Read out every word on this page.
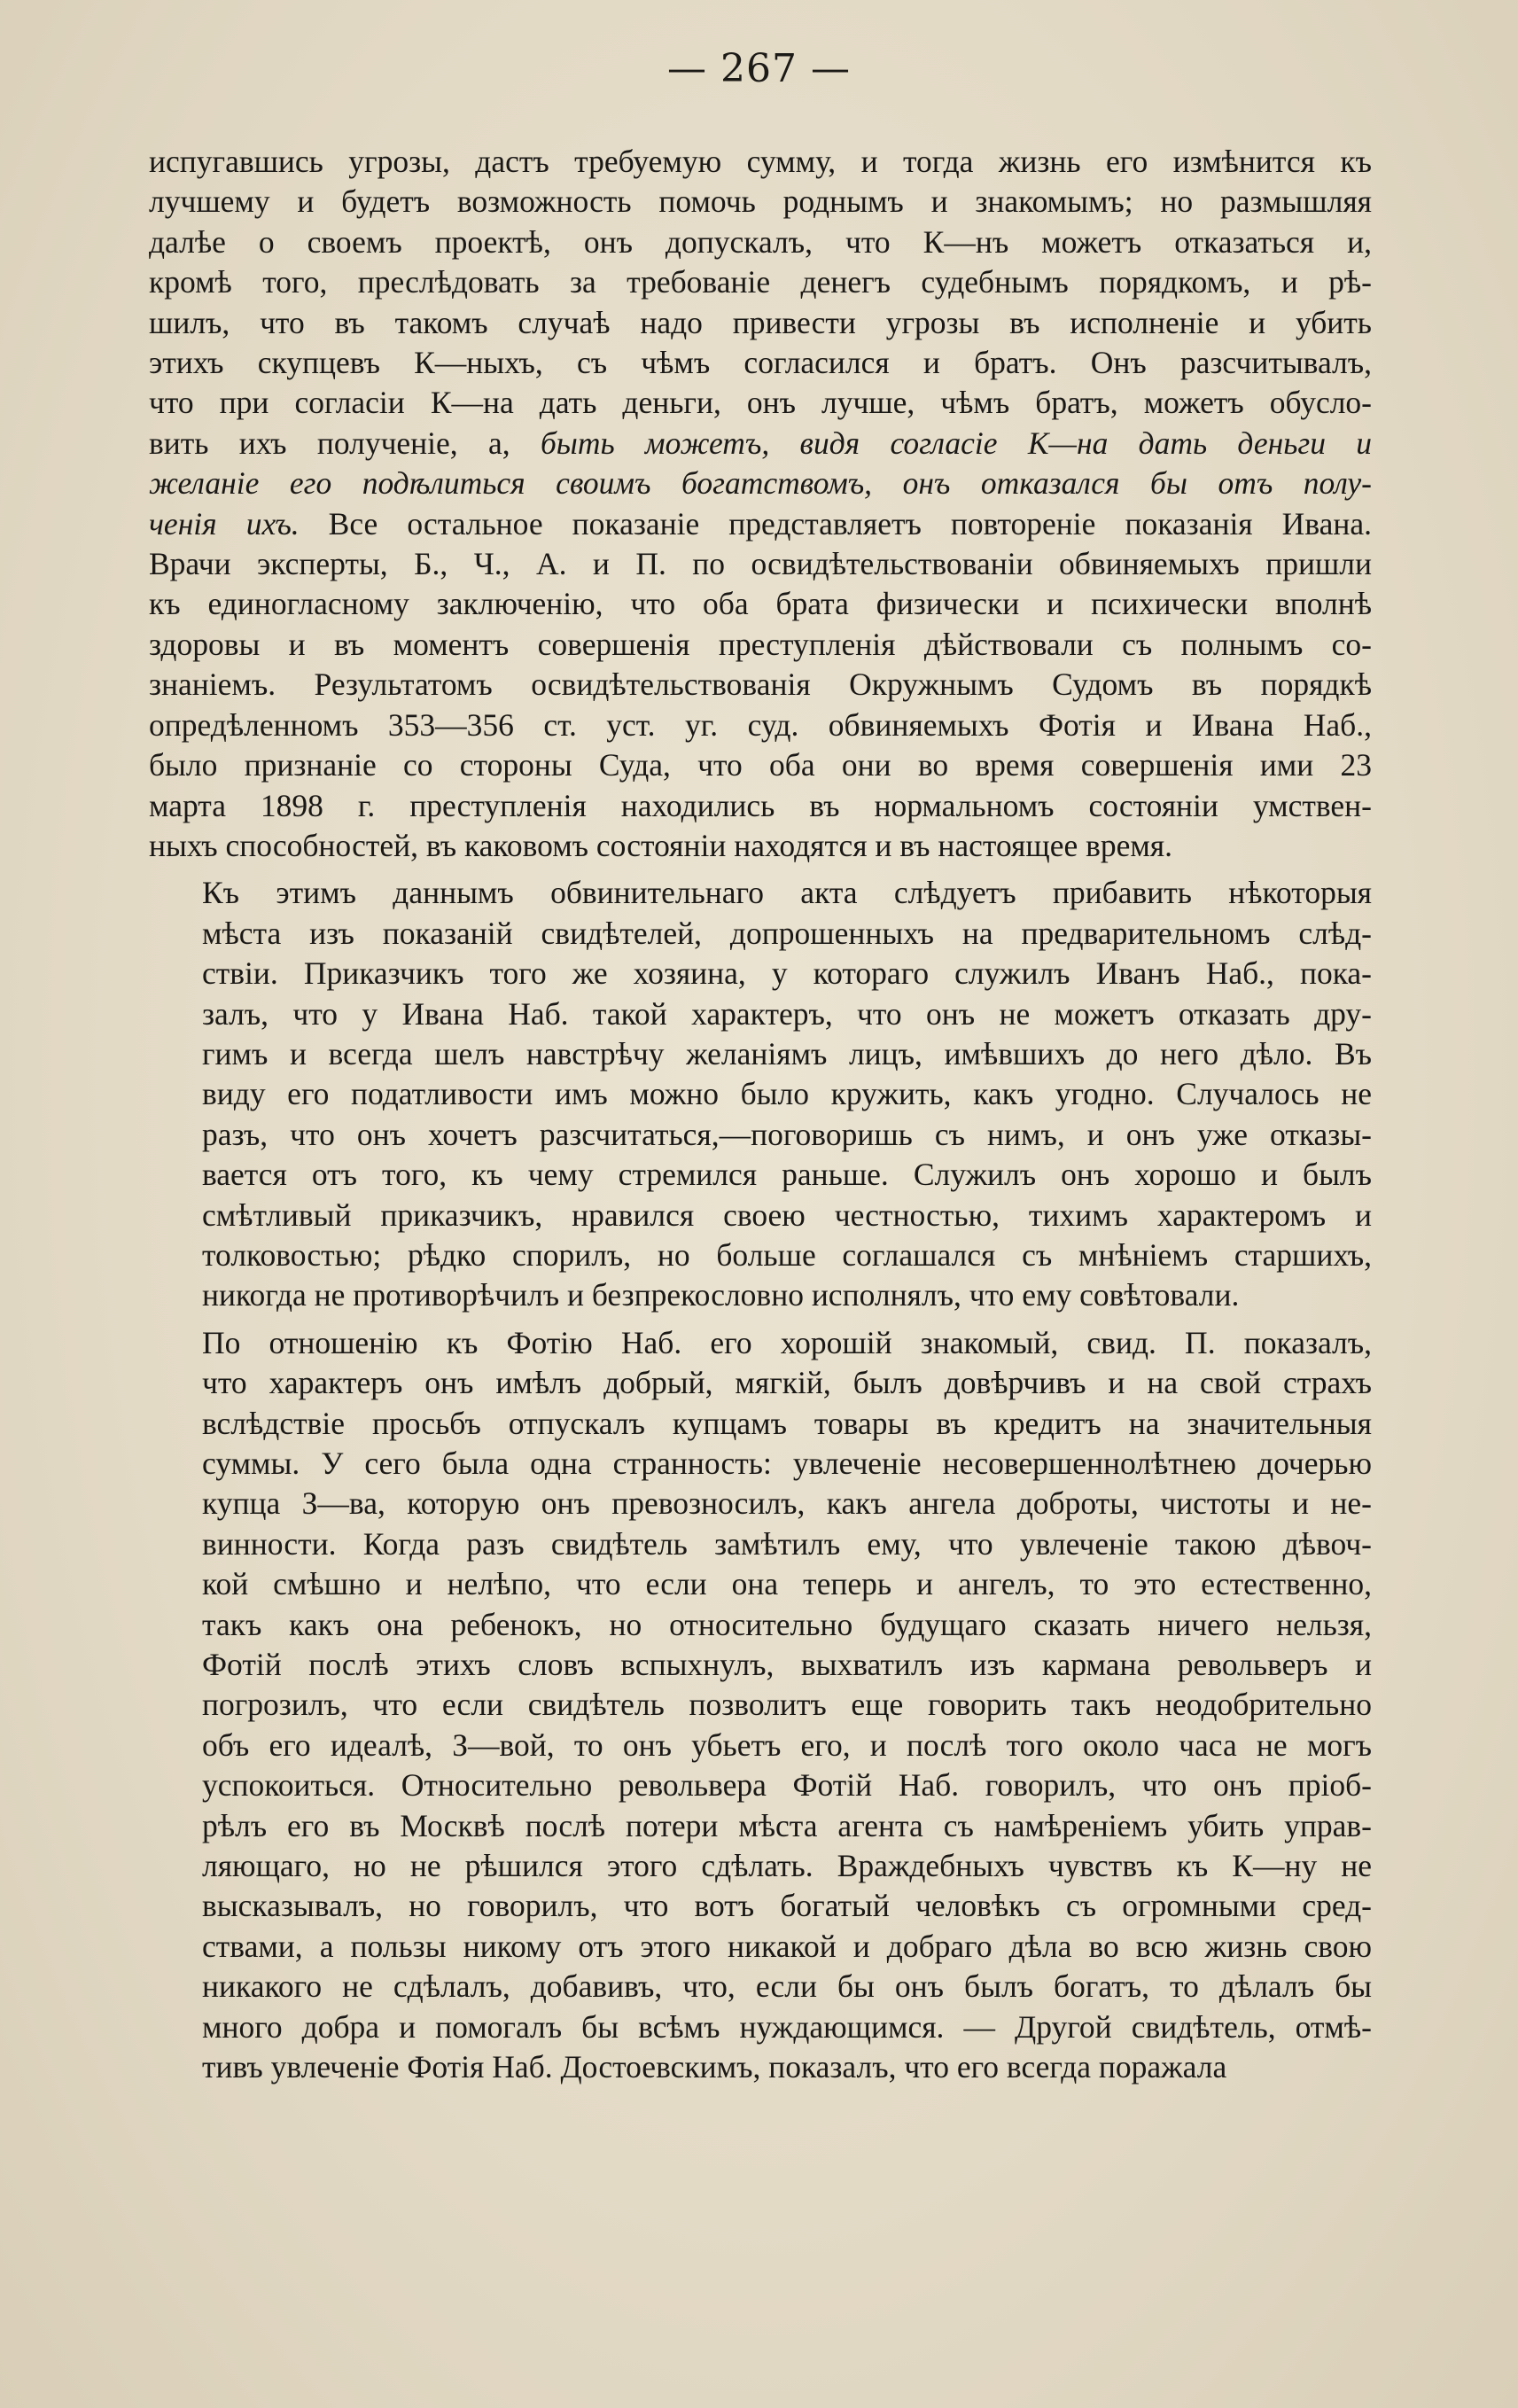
— 267 —
испугавшись угрозы, дастъ требуемую сумму, и тогда жизнь его измѣнится къ
лучшему и будетъ возможность помочь роднымъ и знакомымъ; но размышляя
далѣе о своемъ проектѣ, онъ допускалъ, что К—нъ можетъ отказаться и,
кромѣ того, преслѣдовать за требованіе денегъ судебнымъ порядкомъ, и рѣ-
шилъ, что въ такомъ случаѣ надо привести угрозы въ исполненіе и убить
этихъ скупцевъ К—ныхъ, съ чѣмъ согласился и братъ. Онъ разсчитывалъ,
что при согласіи К—на дать деньги, онъ лучше, чѣмъ братъ, можетъ обусло-
вить ихъ полученіе, а, быть можетъ, видя согласіе К—на дать деньги и
желаніе его подѣлиться своимъ богатствомъ, онъ отказался бы отъ полу-
ченія ихъ. Все остальное показаніе представляетъ повтореніе показанія Ивана.
Врачи эксперты, Б., Ч., А. и П. по освидѣтельствованіи обвиняемыхъ пришли
къ единогласному заключенію, что оба брата физически и психически вполнѣ
здоровы и въ моментъ совершенія преступленія дѣйствовали съ полнымъ со-
знаніемъ. Результатомъ освидѣтельствованія Окружнымъ Судомъ въ порядкѣ
опредѣленномъ 353—356 ст. уст. уг. суд. обвиняемыхъ Фотія и Ивана Наб.,
было признаніе со стороны Суда, что оба они во время совершенія ими 23
марта 1898 г. преступленія находились въ нормальномъ состояніи умствен-
ныхъ способностей, въ каковомъ состояніи находятся и въ настоящее время.
Къ этимъ даннымъ обвинительнаго акта слѣдуетъ прибавить нѣкоторыя
мѣста изъ показаній свидѣтелей, допрошенныхъ на предварительномъ слѣд-
ствіи. Приказчикъ того же хозяина, у котораго служилъ Иванъ Наб., пока-
залъ, что у Ивана Наб. такой характеръ, что онъ не можетъ отказать дру-
гимъ и всегда шелъ навстрѣчу желаніямъ лицъ, имѣвшихъ до него дѣло. Въ
виду его податливости имъ можно было кружить, какъ угодно. Случалось не
разъ, что онъ хочетъ разсчитаться,—поговоришь съ нимъ, и онъ уже отказы-
вается отъ того, къ чему стремился раньше. Служилъ онъ хорошо и былъ
смѣтливый приказчикъ, нравился своею честностью, тихимъ характеромъ и
толковостью; рѣдко спорилъ, но больше соглашался съ мнѣніемъ старшихъ,
никогда не противорѣчилъ и безпрекословно исполнялъ, что ему совѣтовали.
По отношенію къ Фотію Наб. его хорошій знакомый, свид. П. показалъ,
что характеръ онъ имѣлъ добрый, мягкій, былъ довѣрчивъ и на свой страхъ
вслѣдствіе просьбъ отпускалъ купцамъ товары въ кредитъ на значительныя
суммы. У сего была одна странность: увлеченіе несовершеннолѣтнею дочерью
купца З—ва, которую онъ превозносилъ, какъ ангела доброты, чистоты и не-
винности. Когда разъ свидѣтель замѣтилъ ему, что увлеченіе такою дѣвоч-
кой смѣшно и нелѣпо, что если она теперь и ангелъ, то это естественно,
такъ какъ она ребенокъ, но относительно будущаго сказать ничего нельзя,
Фотій послѣ этихъ словъ вспыхнулъ, выхватилъ изъ кармана револьверъ и
погрозилъ, что если свидѣтель позволитъ еще говорить такъ неодобрительно
объ его идеалѣ, З—вой, то онъ убьетъ его, и послѣ того около часа не могъ
успокоиться. Относительно револьвера Фотій Наб. говорилъ, что онъ пріоб-
рѣлъ его въ Москвѣ послѣ потери мѣста агента съ намѣреніемъ убить управ-
ляющаго, но не рѣшился этого сдѣлать. Враждебныхъ чувствъ къ К—ну не
высказывалъ, но говорилъ, что вотъ богатый человѣкъ съ огромными сред-
ствами, а пользы никому отъ этого никакой и добраго дѣла во всю жизнь свою
никакого не сдѣлалъ, добавивъ, что, если бы онъ былъ богатъ, то дѣлалъ бы
много добра и помогалъ бы всѣмъ нуждающимся. — Другой свидѣтель, отмѣ-
тивъ увлеченіе Фотія Наб. Достоевскимъ, показалъ, что его всегда поражала
